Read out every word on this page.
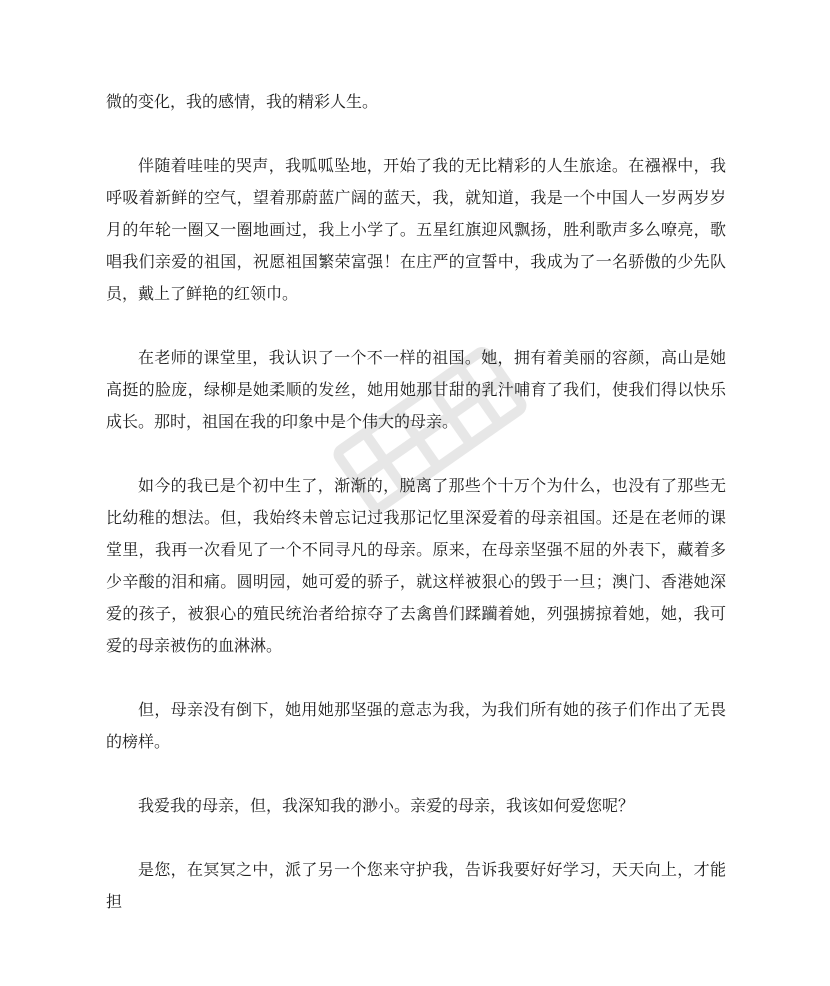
微的变化，我的感情，我的精彩人生。

伴随着哇哇的哭声，我呱呱坠地，开始了我的无比精彩的人生旅途。在襁褓中，我呼吸着新鲜的空气，望着那蔚蓝广阔的蓝天，我，就知道，我是一个中国人一岁两岁岁月的年轮一圈又一圈地画过，我上小学了。五星红旗迎风飘扬，胜利歌声多么嘹亮，歌唱我们亲爱的祖国，祝愿祖国繁荣富强！在庄严的宣誓中，我成为了一名骄傲的少先队员，戴上了鲜艳的红领巾。

在老师的课堂里，我认识了一个不一样的祖国。她，拥有着美丽的容颜，高山是她高挺的脸庞，绿柳是她柔顺的发丝，她用她那甘甜的乳汁哺育了我们，使我们得以快乐成长。那时，祖国在我的印象中是个伟大的母亲。

如今的我已是个初中生了，渐渐的，脱离了那些个十万个为什么，也没有了那些无比幼稚的想法。但，我始终未曾忘记过我那记忆里深爱着的母亲祖国。还是在老师的课堂里，我再一次看见了一个不同寻凡的母亲。原来，在母亲坚强不屈的外表下，藏着多少辛酸的泪和痛。圆明园，她可爱的骄子，就这样被狠心的毁于一旦；澳门、香港她深爱的孩子，被狠心的殖民统治者给掠夺了去禽兽们蹂躏着她，列强掳掠着她，她，我可爱的母亲被伤的血淋淋。

但，母亲没有倒下，她用她那坚强的意志为我，为我们所有她的孩子们作出了无畏的榜样。

我爱我的母亲，但，我深知我的渺小。亲爱的母亲，我该如何爱您呢？

是您，在冥冥之中，派了另一个您来守护我，告诉我要好好学习，天天向上，才能担
